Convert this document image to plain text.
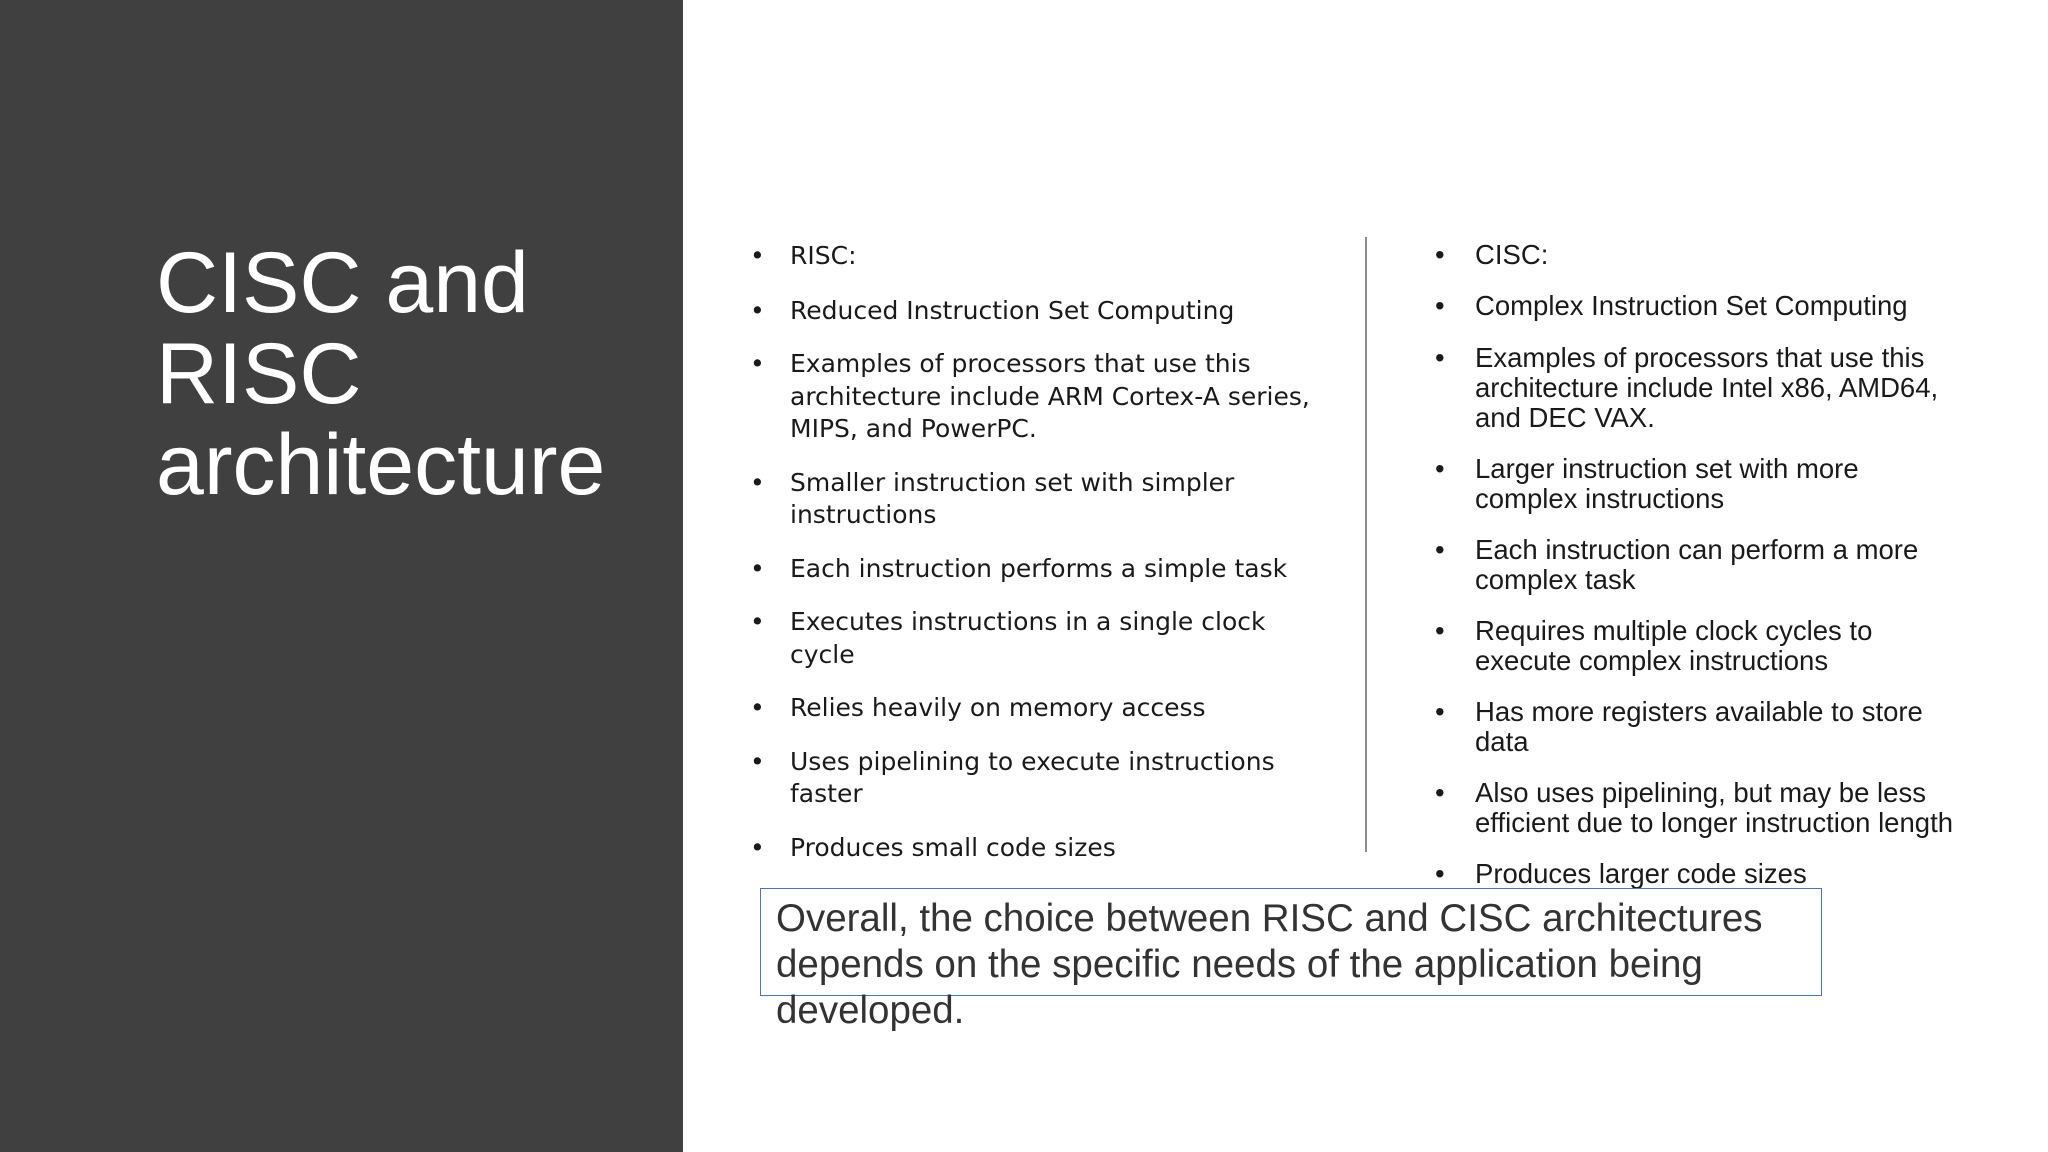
CISC and RISC architecture
• RISC:
• Reduced Instruction Set Computing
• Examples of processors that use this architecture include ARM Cortex-A series, MIPS, and PowerPC.
• Smaller instruction set with simpler instructions
• Each instruction performs a simple task
• Executes instructions in a single clock cycle
• Relies heavily on memory access
• Uses pipelining to execute instructions faster
• Produces small code sizes
• CISC:
• Complex Instruction Set Computing
• Examples of processors that use this architecture include Intel x86, AMD64, and DEC VAX.
• Larger instruction set with more complex instructions
• Each instruction can perform a more complex task
• Requires multiple clock cycles to execute complex instructions
• Has more registers available to store data
• Also uses pipelining, but may be less efficient due to longer instruction length
• Produces larger code sizes

Overall, the choice between RISC and CISC architectures depends on the specific needs of the application being developed.
